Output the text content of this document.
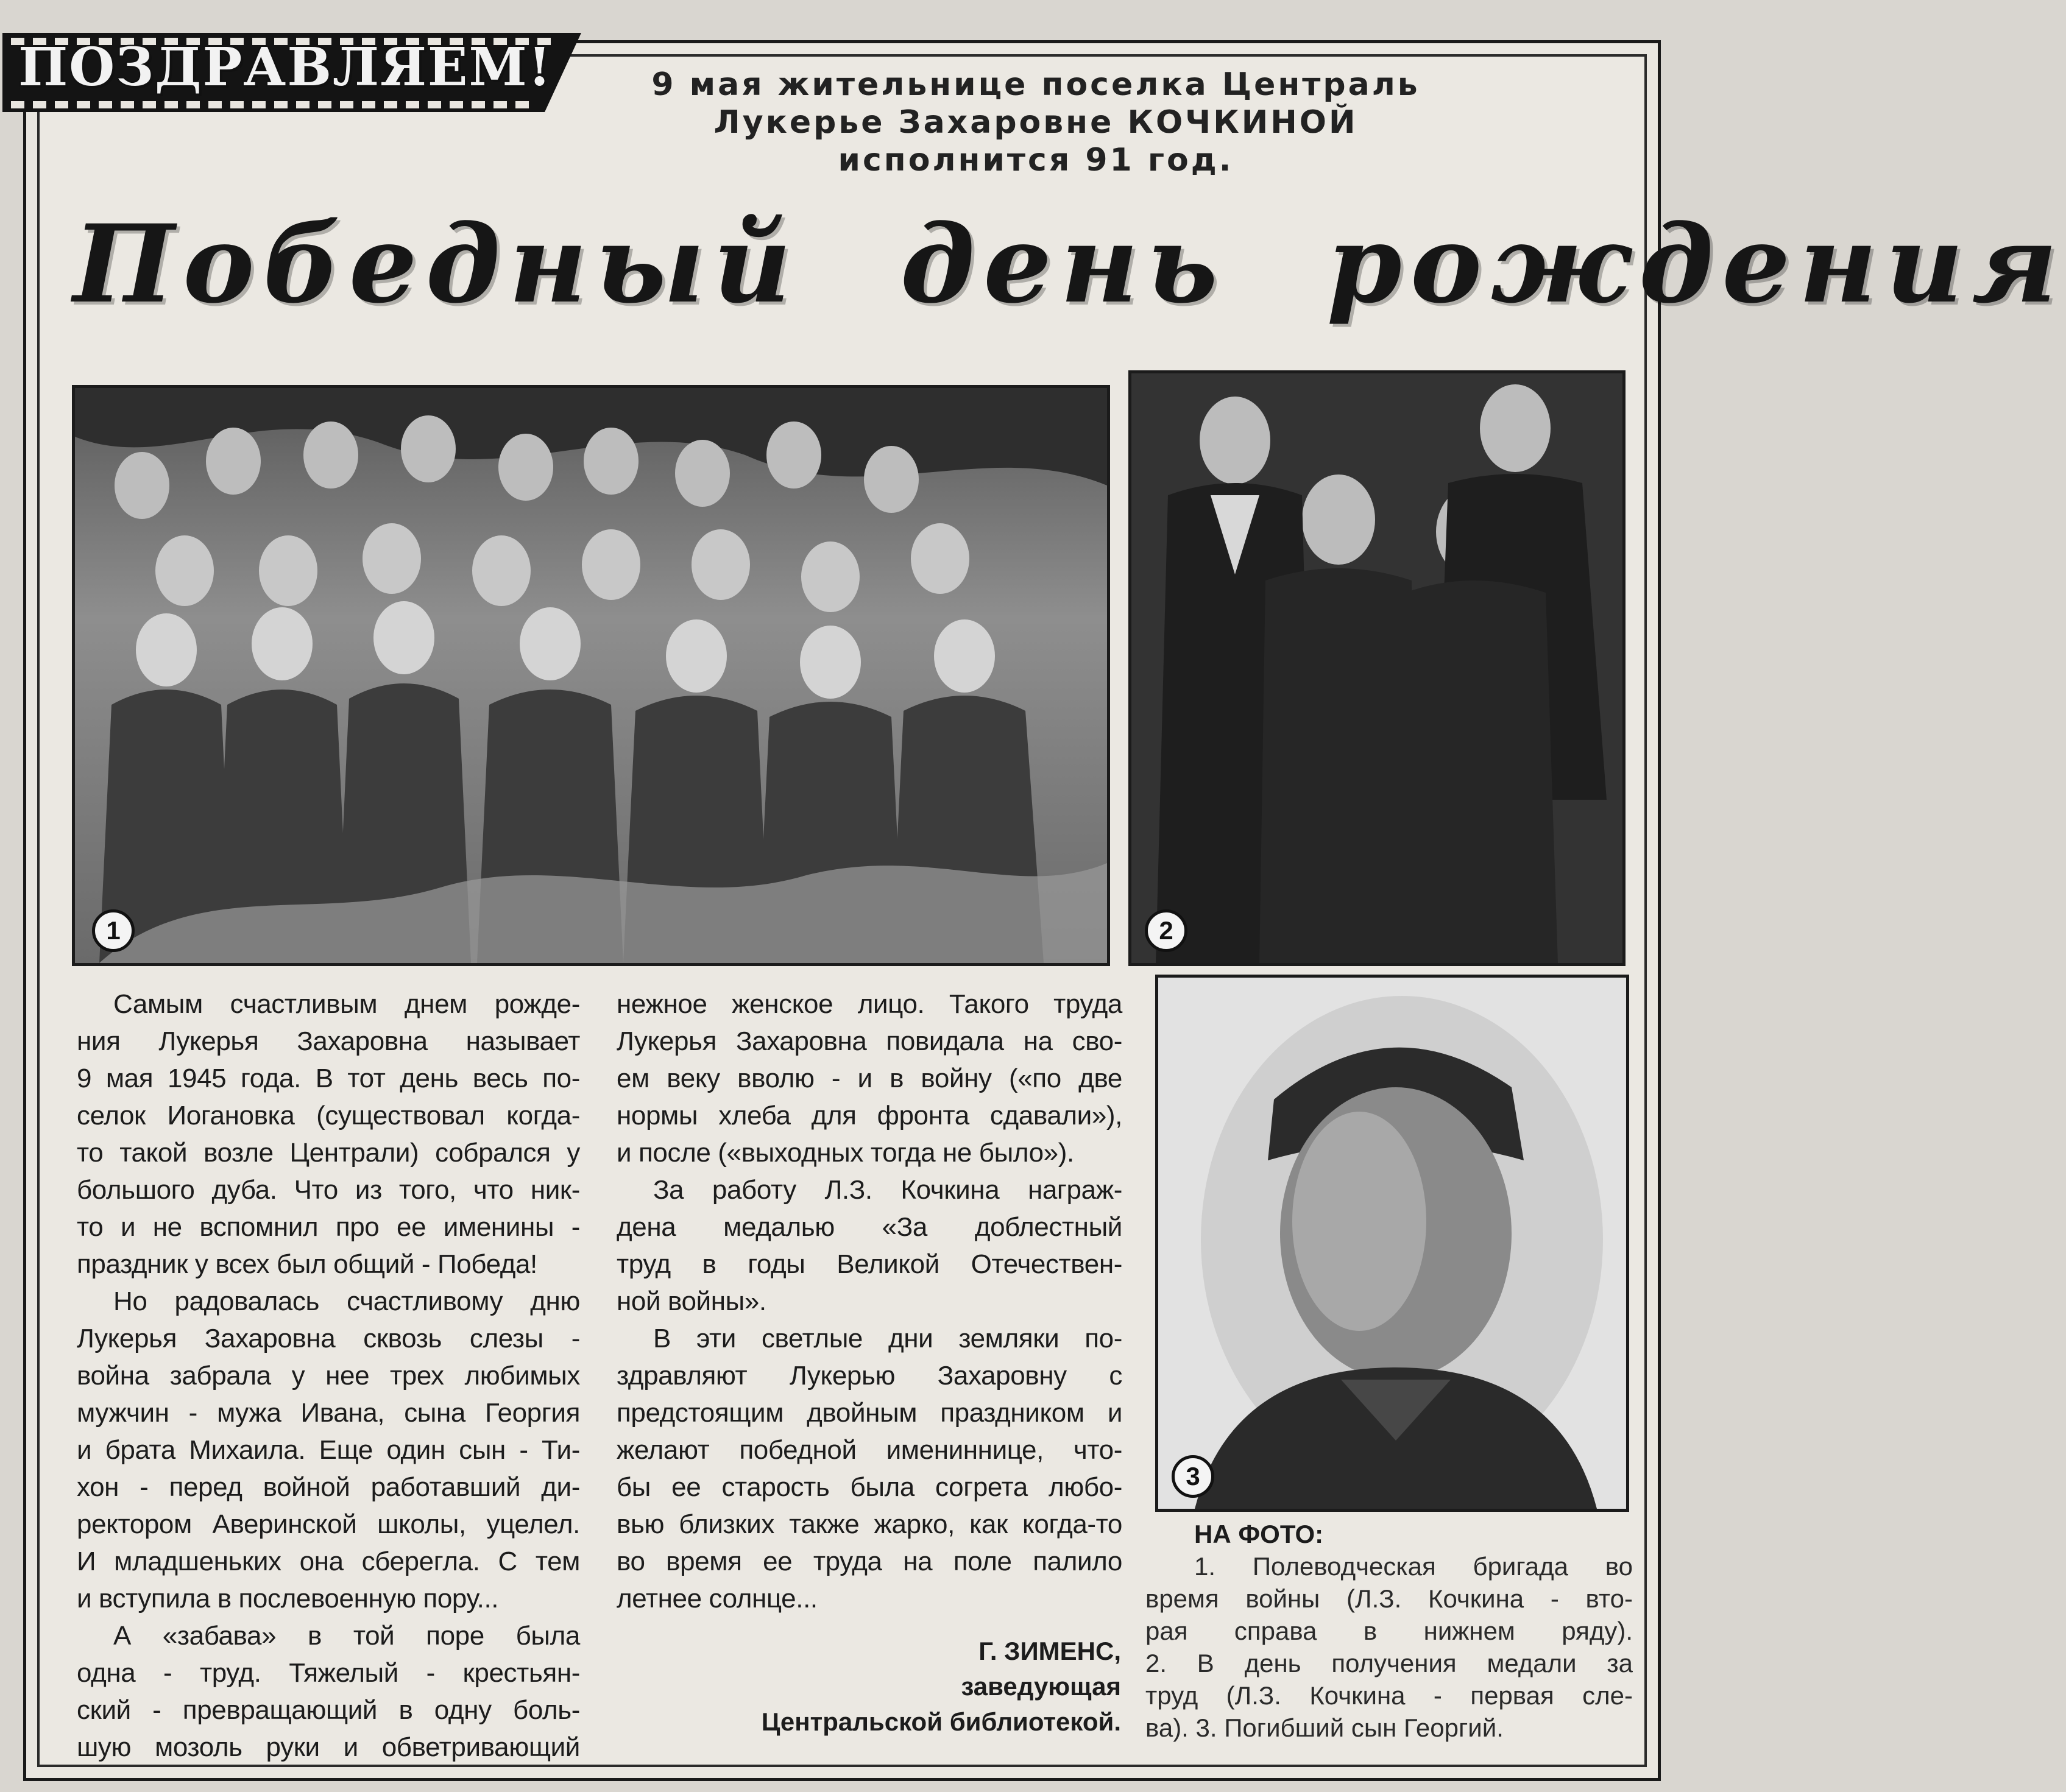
ПОЗДРАВЛЯЕМ!	9 мая жительнице поселка Централь
Лукерье Захаровне КОЧКИНОЙ
исполнится 91 год.
Победный день рождения
1	2
3

Самым счастливым днем рожде-

ния Лукерья Захаровна называет

9 мая 1945 года. В тот день весь по-

селок Иогановка (существовал когда-

то такой возле Централи) собрался у

большого дуба. Что из того, что ник-

то и не вспомнил про ее именины -

праздник у всех был общий - Победа!

Но радовалась счастливому дню

Лукерья Захаровна сквозь слезы -

война забрала у нее трех любимых

мужчин - мужа Ивана, сына Георгия

и брата Михаила. Еще один сын - Ти-

хон - перед войной работавший ди-

ректором Аверинской школы, уцелел.

И младшеньких она сберегла. С тем

и вступила в послевоенную пору...

А «забава» в той поре была

одна - труд. Тяжелый - крестьян-

ский - превращающий в одну боль-

шую мозоль руки и обветривающий

нежное женское лицо. Такого труда

Лукерья Захаровна повидала на сво-

ем веку вволю - и в войну («по две

нормы хлеба для фронта сдавали»),

и после («выходных тогда не было»).

За работу Л.З. Кочкина награж-

дена медалью «За доблестный

труд в годы Великой Отечествен-

ной войны».

В эти светлые дни земляки по-

здравляют Лукерью Захаровну с

предстоящим двойным праздником и

желают победной имениннице, что-

бы ее старость была согрета любо-

вью близких также жарко, как когда-то

во время ее труда на поле палило

летнее солнце...

Г. ЗИМЕНС,
заведующая
Центральской библиотекой.
НА ФОТО:

1. Полеводческая бригада во

время войны (Л.З. Кочкина - вто-

рая справа в нижнем ряду).

2. В день получения медали за

труд (Л.З. Кочкина - первая сле-

ва). 3. Погибший сын Георгий.
